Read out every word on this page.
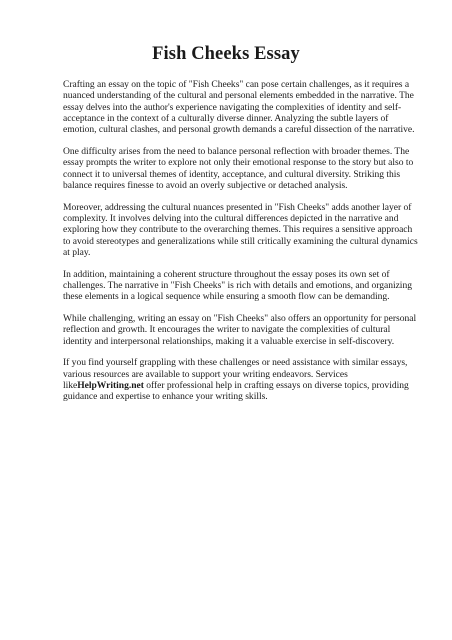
Fish Cheeks Essay

Crafting an essay on the topic of "Fish Cheeks" can pose certain challenges, as it requires a nuanced understanding of the cultural and personal elements embedded in the narrative. The essay delves into the author's experience navigating the complexities of identity and self-acceptance in the context of a culturally diverse dinner. Analyzing the subtle layers of emotion, cultural clashes, and personal growth demands a careful dissection of the narrative.

One difficulty arises from the need to balance personal reflection with broader themes. The essay prompts the writer to explore not only their emotional response to the story but also to connect it to universal themes of identity, acceptance, and cultural diversity. Striking this balance requires finesse to avoid an overly subjective or detached analysis.

Moreover, addressing the cultural nuances presented in "Fish Cheeks" adds another layer of complexity. It involves delving into the cultural differences depicted in the narrative and exploring how they contribute to the overarching themes. This requires a sensitive approach to avoid stereotypes and generalizations while still critically examining the cultural dynamics at play.

In addition, maintaining a coherent structure throughout the essay poses its own set of challenges. The narrative in "Fish Cheeks" is rich with details and emotions, and organizing these elements in a logical sequence while ensuring a smooth flow can be demanding.

While challenging, writing an essay on "Fish Cheeks" also offers an opportunity for personal reflection and growth. It encourages the writer to navigate the complexities of cultural identity and interpersonal relationships, making it a valuable exercise in self-discovery.

If you find yourself grappling with these challenges or need assistance with similar essays, various resources are available to support your writing endeavors. Services likeHelpWriting.net offer professional help in crafting essays on diverse topics, providing guidance and expertise to enhance your writing skills.
